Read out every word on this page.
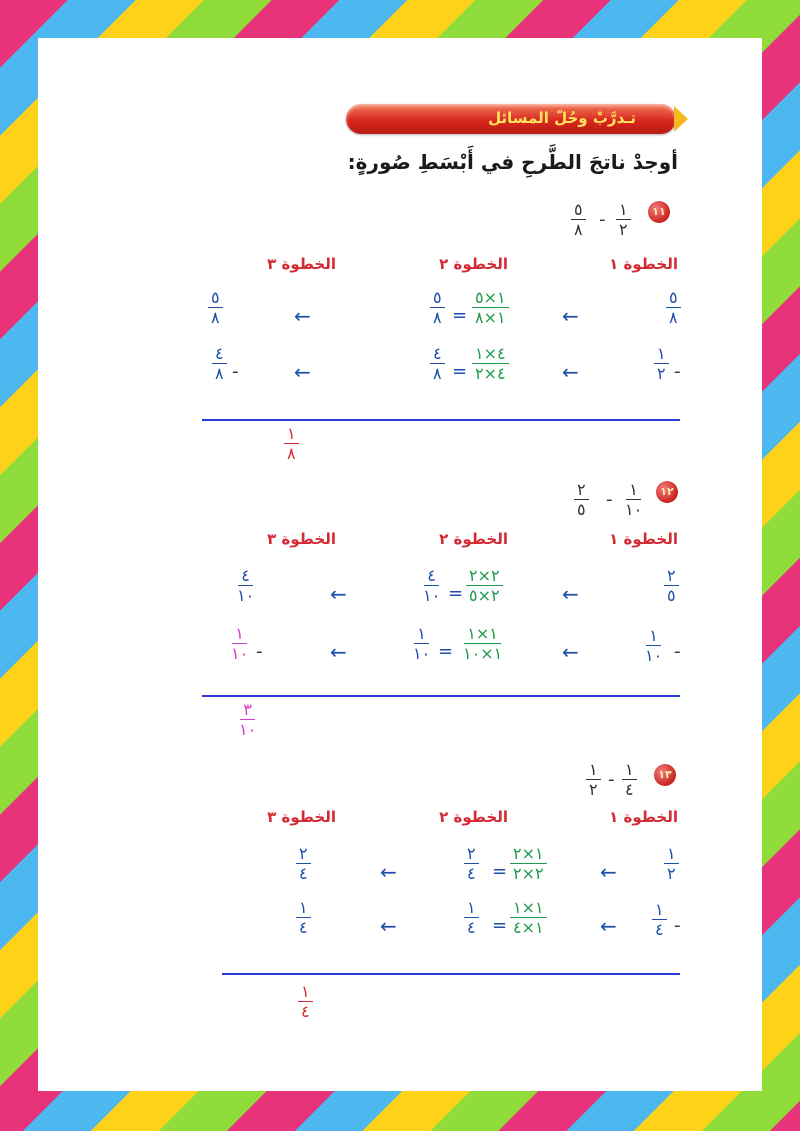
تـدرَّبْ وحُلّ المسائل
أوجدْ ناتجَ الطَّرحِ في أَبْسَطِ صُورةٍ:
١١
١
٢
-
٥
٨
الخطوة ١
الخطوة ٢
الخطوة ٣
٥
٨
←
١×٥
١×٨
=
٥
٨
←
٥
٨
١
٢ -
←
٤×١
٤×٢
=
٤
٨
←
٤
٨ -
١
٨
١٢
١
١٠
-
٢
٥
الخطوة ١
الخطوة ٢
الخطوة ٣
٢
٥
←
٢×٢
٢×٥
=
٤
١٠
←
٤
١٠
١
١٠ -
←
١×١
١×١٠
=
١
١٠
←
١
١٠ -
٣
١٠
١٣
١
٤
-
١
٢
الخطوة ١
الخطوة ٢
الخطوة ٣
١
٢
←
١×٢
٢×٢
=
٢
٤
←
٢
٤
١
٤ -
←
١×١
١×٤
=
١
٤
←
١
٤
١
٤
